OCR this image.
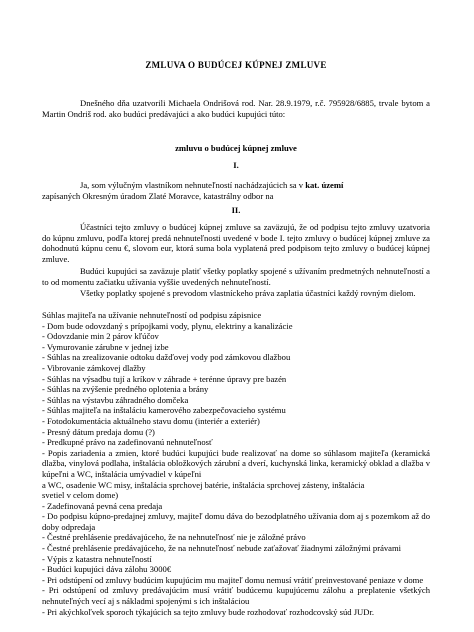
ZMLUVA O BUDÚCEJ KÚPNEJ ZMLUVE
Dnešného dňa uzatvorili Michaela Ondrišová rod. Nar. 28.9.1979, r.č. 795928/6885, trvale bytom a Martin Ondriš rod. ako budúci predávajúci a ako budúci kupujúci túto:
zmluvu o budúcej kúpnej zmluve
I.
Ja, som výlučným vlastníkom nehnuteľností nachádzajúcich sa v kat. území
zapísaných Okresným úradom Zlaté Moravce, katastrálny odbor na
II.
Účastníci tejto zmluvy o budúcej kúpnej zmluve sa zaväzujú, že od podpisu tejto zmluvy uzatvoria do kúpnu zmluvu, podľa ktorej predá nehnuteľnosti uvedené v bode I. tejto zmluvy o budúcej kúpnej zmluve za dohodnutú kúpnu cenu €, slovom eur, ktorá suma bola vyplatená pred podpisom tejto zmluvy o budúcej kúpnej zmluve.
Budúci kupujúci sa zaväzuje platiť všetky poplatky spojené s užívaním predmetných nehnuteľností a to od momentu začiatku užívania vyššie uvedených nehnuteľností.
Všetky poplatky spojené s prevodom vlastníckeho práva zaplatia účastníci každý rovným dielom.
Súhlas majiteľa na užívanie nehnuteľností od podpisu zápisnice
- Dom bude odovzdaný s prípojkami vody, plynu, elektriny a kanalizácie
- Odovzdanie min 2 párov kľúčov
- Vymurovanie zárubne v jednej izbe
- Súhlas na zrealizovanie odtoku dažďovej vody pod zámkovou dlažbou
- Vibrovanie zámkovej dlažby
- Súhlas na výsadbu tují a kríkov v záhrade + terénne úpravy pre bazén
- Súhlas na zvýšenie predného oplotenia a brány
- Súhlas na výstavbu záhradného domčeka
- Súhlas majiteľa na inštaláciu kamerového zabezpečovacieho systému
- Fotodokumentácia aktuálneho stavu domu (interiér a exteriér)
- Presný dátum predaja domu (?)
- Predkupné právo na zadefinovanú nehnuteľnosť
- Popis zariadenia a zmien, ktoré budúci kupujúci bude realizovať na dome so súhlasom majiteľa (keramická dlažba, vinylová podlaha, inštalácia obložkových zárubní a dverí, kuchynská linka, keramický obklad a dlažba v kúpeľni a WC, inštalácia umývadiel v kúpeľni
a WC, osadenie WC misy, inštalácia sprchovej batérie, inštalácia sprchovej zásteny, inštalácia
svetiel v celom dome)
- Zadefinovaná pevná cena predaja
- Do podpisu kúpno-predajnej zmluvy, majiteľ domu dáva do bezodplatného užívania dom aj s pozemkom až do doby odpredaja
- Čestné prehlásenie predávajúceho, že na nehnuteľnosť nie je záložné právo
- Čestné prehlásenie predávajúceho, že na nehnuteľnosť nebude zaťažovať žiadnymi záložnými právami
- Výpis z katastra nehnuteľností
- Budúci kupujúci dáva zálohu 3000€
- Pri odstúpení od zmluvy budúcim kupujúcim mu majiteľ domu nemusí vrátiť preinvestované peniaze v dome
- Pri odstúpení od zmluvy predávajúcim musí vrátiť budúcemu kupujúcemu zálohu a preplatenie všetkých nehnuteľných vecí aj s nákladmi spojenými s ich inštaláciou
- Pri akýchkoľvek sporoch týkajúcich sa tejto zmluvy bude rozhodovať rozhodcovský súd JUDr.
